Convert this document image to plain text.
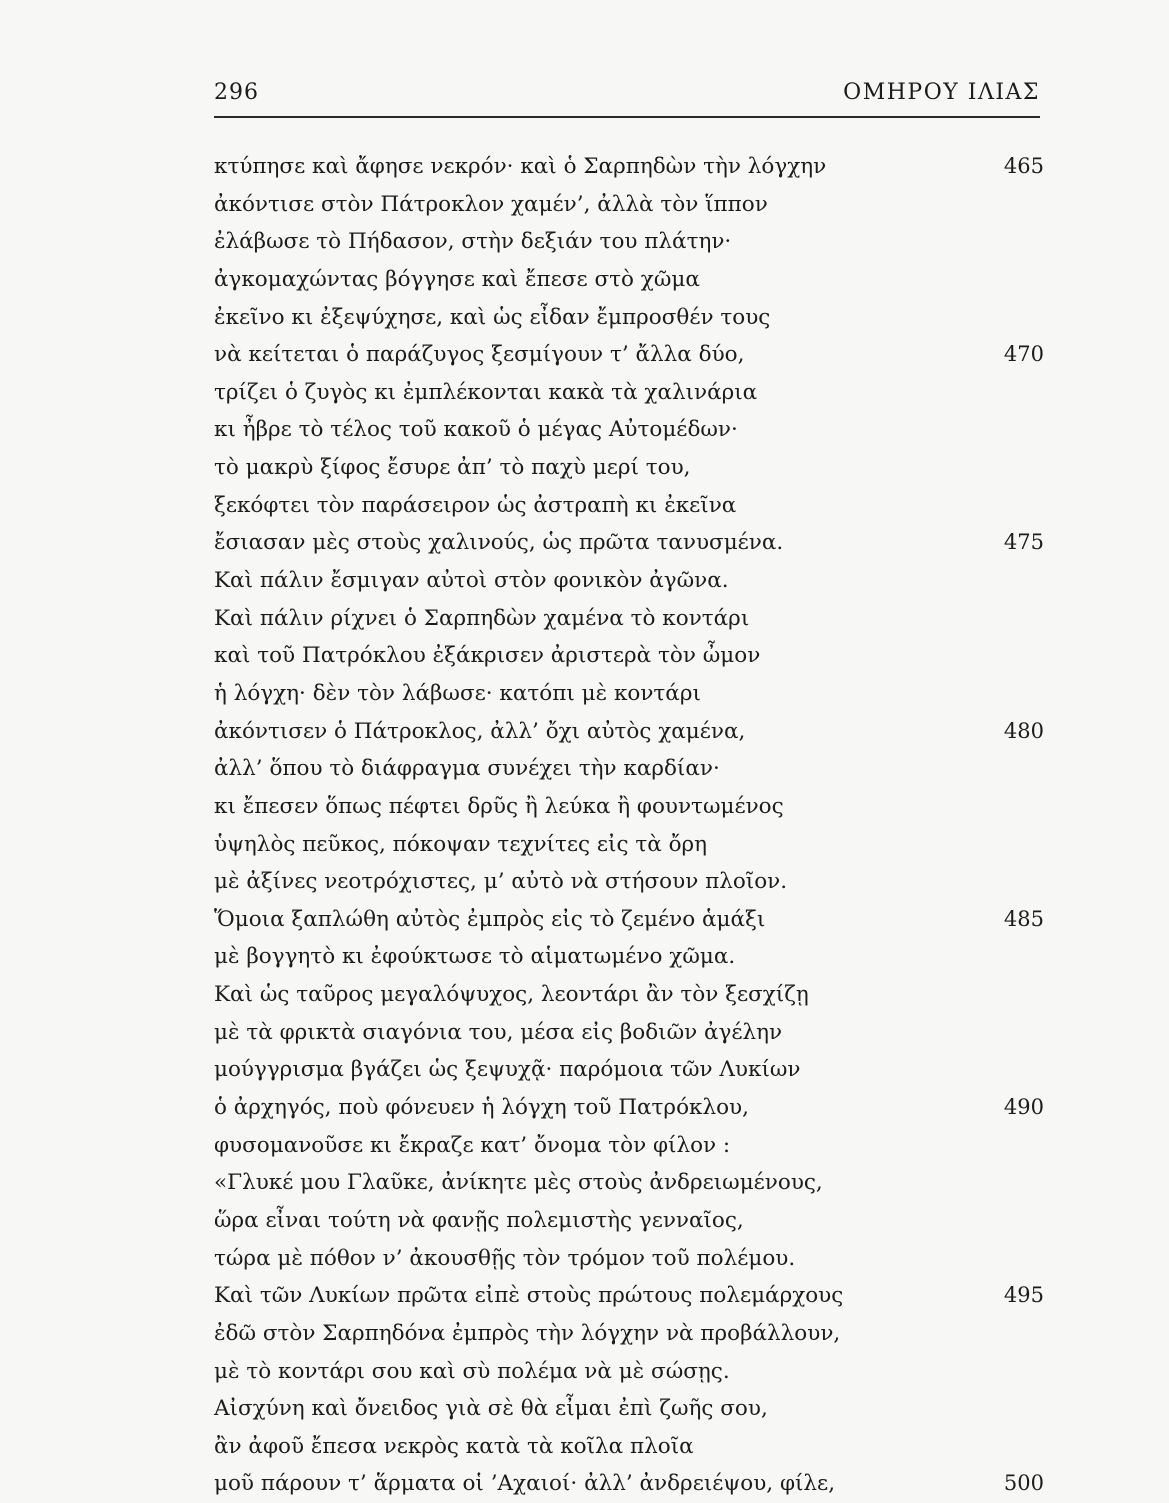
296	ΟΜΗΡΟΥ ΙΛΙΑΣ
κτύπησε καὶ ἄφησε νεκρόν· καὶ ὁ Σαρπηδὼν τὴν λόγχην	465
ἀκόντισε στὸν Πάτροκλον χαμέν’, ἀλλὰ τὸν ἵππον
ἐλάβωσε τὸ Πήδασον, στὴν δεξιάν του πλάτην·
ἀγκομαχώντας βόγγησε καὶ ἔπεσε στὸ χῶμα
ἐκεῖνο κι ἐξεψύχησε, καὶ ὡς εἶδαν ἔμπροσθέν τους
νὰ κείτεται ὁ παράζυγος ξεσμίγουν τ’ ἄλλα δύο,	470
τρίζει ὁ ζυγὸς κι ἐμπλέκονται κακὰ τὰ χαλινάρια
κι ἦβρε τὸ τέλος τοῦ κακοῦ ὁ μέγας Αὐτομέδων·
τὸ μακρὺ ξίφος ἔσυρε ἀπ’ τὸ παχὺ μερί του,
ξεκόφτει τὸν παράσειρον ὡς ἀστραπὴ κι ἐκεῖνα
ἔσιασαν μὲς στοὺς χαλινούς, ὡς πρῶτα τανυσμένα.	475
Καὶ πάλιν ἔσμιγαν αὐτοὶ στὸν φονικὸν ἀγῶνα.
Καὶ πάλιν ρίχνει ὁ Σαρπηδὼν χαμένα τὸ κοντάρι
καὶ τοῦ Πατρόκλου ἐξάκρισεν ἀριστερὰ τὸν ὦμον
ἡ λόγχη· δὲν τὸν λάβωσε· κατόπι μὲ κοντάρι
ἀκόντισεν ὁ Πάτροκλος, ἀλλ’ ὄχι αὐτὸς χαμένα,	480
ἀλλ’ ὅπου τὸ διάφραγμα συνέχει τὴν καρδίαν·
κι ἔπεσεν ὅπως πέφτει δρῦς ἢ λεύκα ἢ φουντωμένος
ὑψηλὸς πεῦκος, πόκοψαν τεχνίτες εἰς τὰ ὄρη
μὲ ἀξίνες νεοτρόχιστες, μ’ αὐτὸ νὰ στήσουν πλοῖον.
Ὅμοια ξαπλώθη αὐτὸς ἐμπρὸς εἰς τὸ ζεμένο ἁμάξι	485
μὲ βογγητὸ κι ἐφούκτωσε τὸ αἱματωμένο χῶμα.
Καὶ ὡς ταῦρος μεγαλόψυχος, λεοντάρι ἂν τὸν ξεσχίζῃ
μὲ τὰ φρικτὰ σιαγόνια του, μέσα εἰς βοδιῶν ἀγέλην
μούγγρισμα βγάζει ὡς ξεψυχᾷ· παρόμοια τῶν Λυκίων
ὁ ἀρχηγός, ποὺ φόνευεν ἡ λόγχη τοῦ Πατρόκλου,	490
φυσομανοῦσε κι ἔκραζε κατ’ ὄνομα τὸν φίλον :
«Γλυκέ μου Γλαῦκε, ἀνίκητε μὲς στοὺς ἀνδρειωμένους,
ὥρα εἶναι τούτη νὰ φανῇς πολεμιστὴς γενναῖος,
τώρα μὲ πόθον ν’ ἀκουσθῇς τὸν τρόμον τοῦ πολέμου.
Καὶ τῶν Λυκίων πρῶτα εἰπὲ στοὺς πρώτους πολεμάρχους	495
ἐδῶ στὸν Σαρπηδόνα ἐμπρὸς τὴν λόγχην νὰ προβάλλουν,
μὲ τὸ κοντάρι σου καὶ σὺ πολέμα νὰ μὲ σώσῃς.
Αἰσχύνη καὶ ὄνειδος γιὰ σὲ θὰ εἶμαι ἐπὶ ζωῆς σου,
ἂν ἀφοῦ ἔπεσα νεκρὸς κατὰ τὰ κοῖλα πλοῖα
μοῦ πάρουν τ’ ἅρματα οἱ ’Αχαιοί· ἀλλ’ ἀνδρειέψου, φίλε,	500
